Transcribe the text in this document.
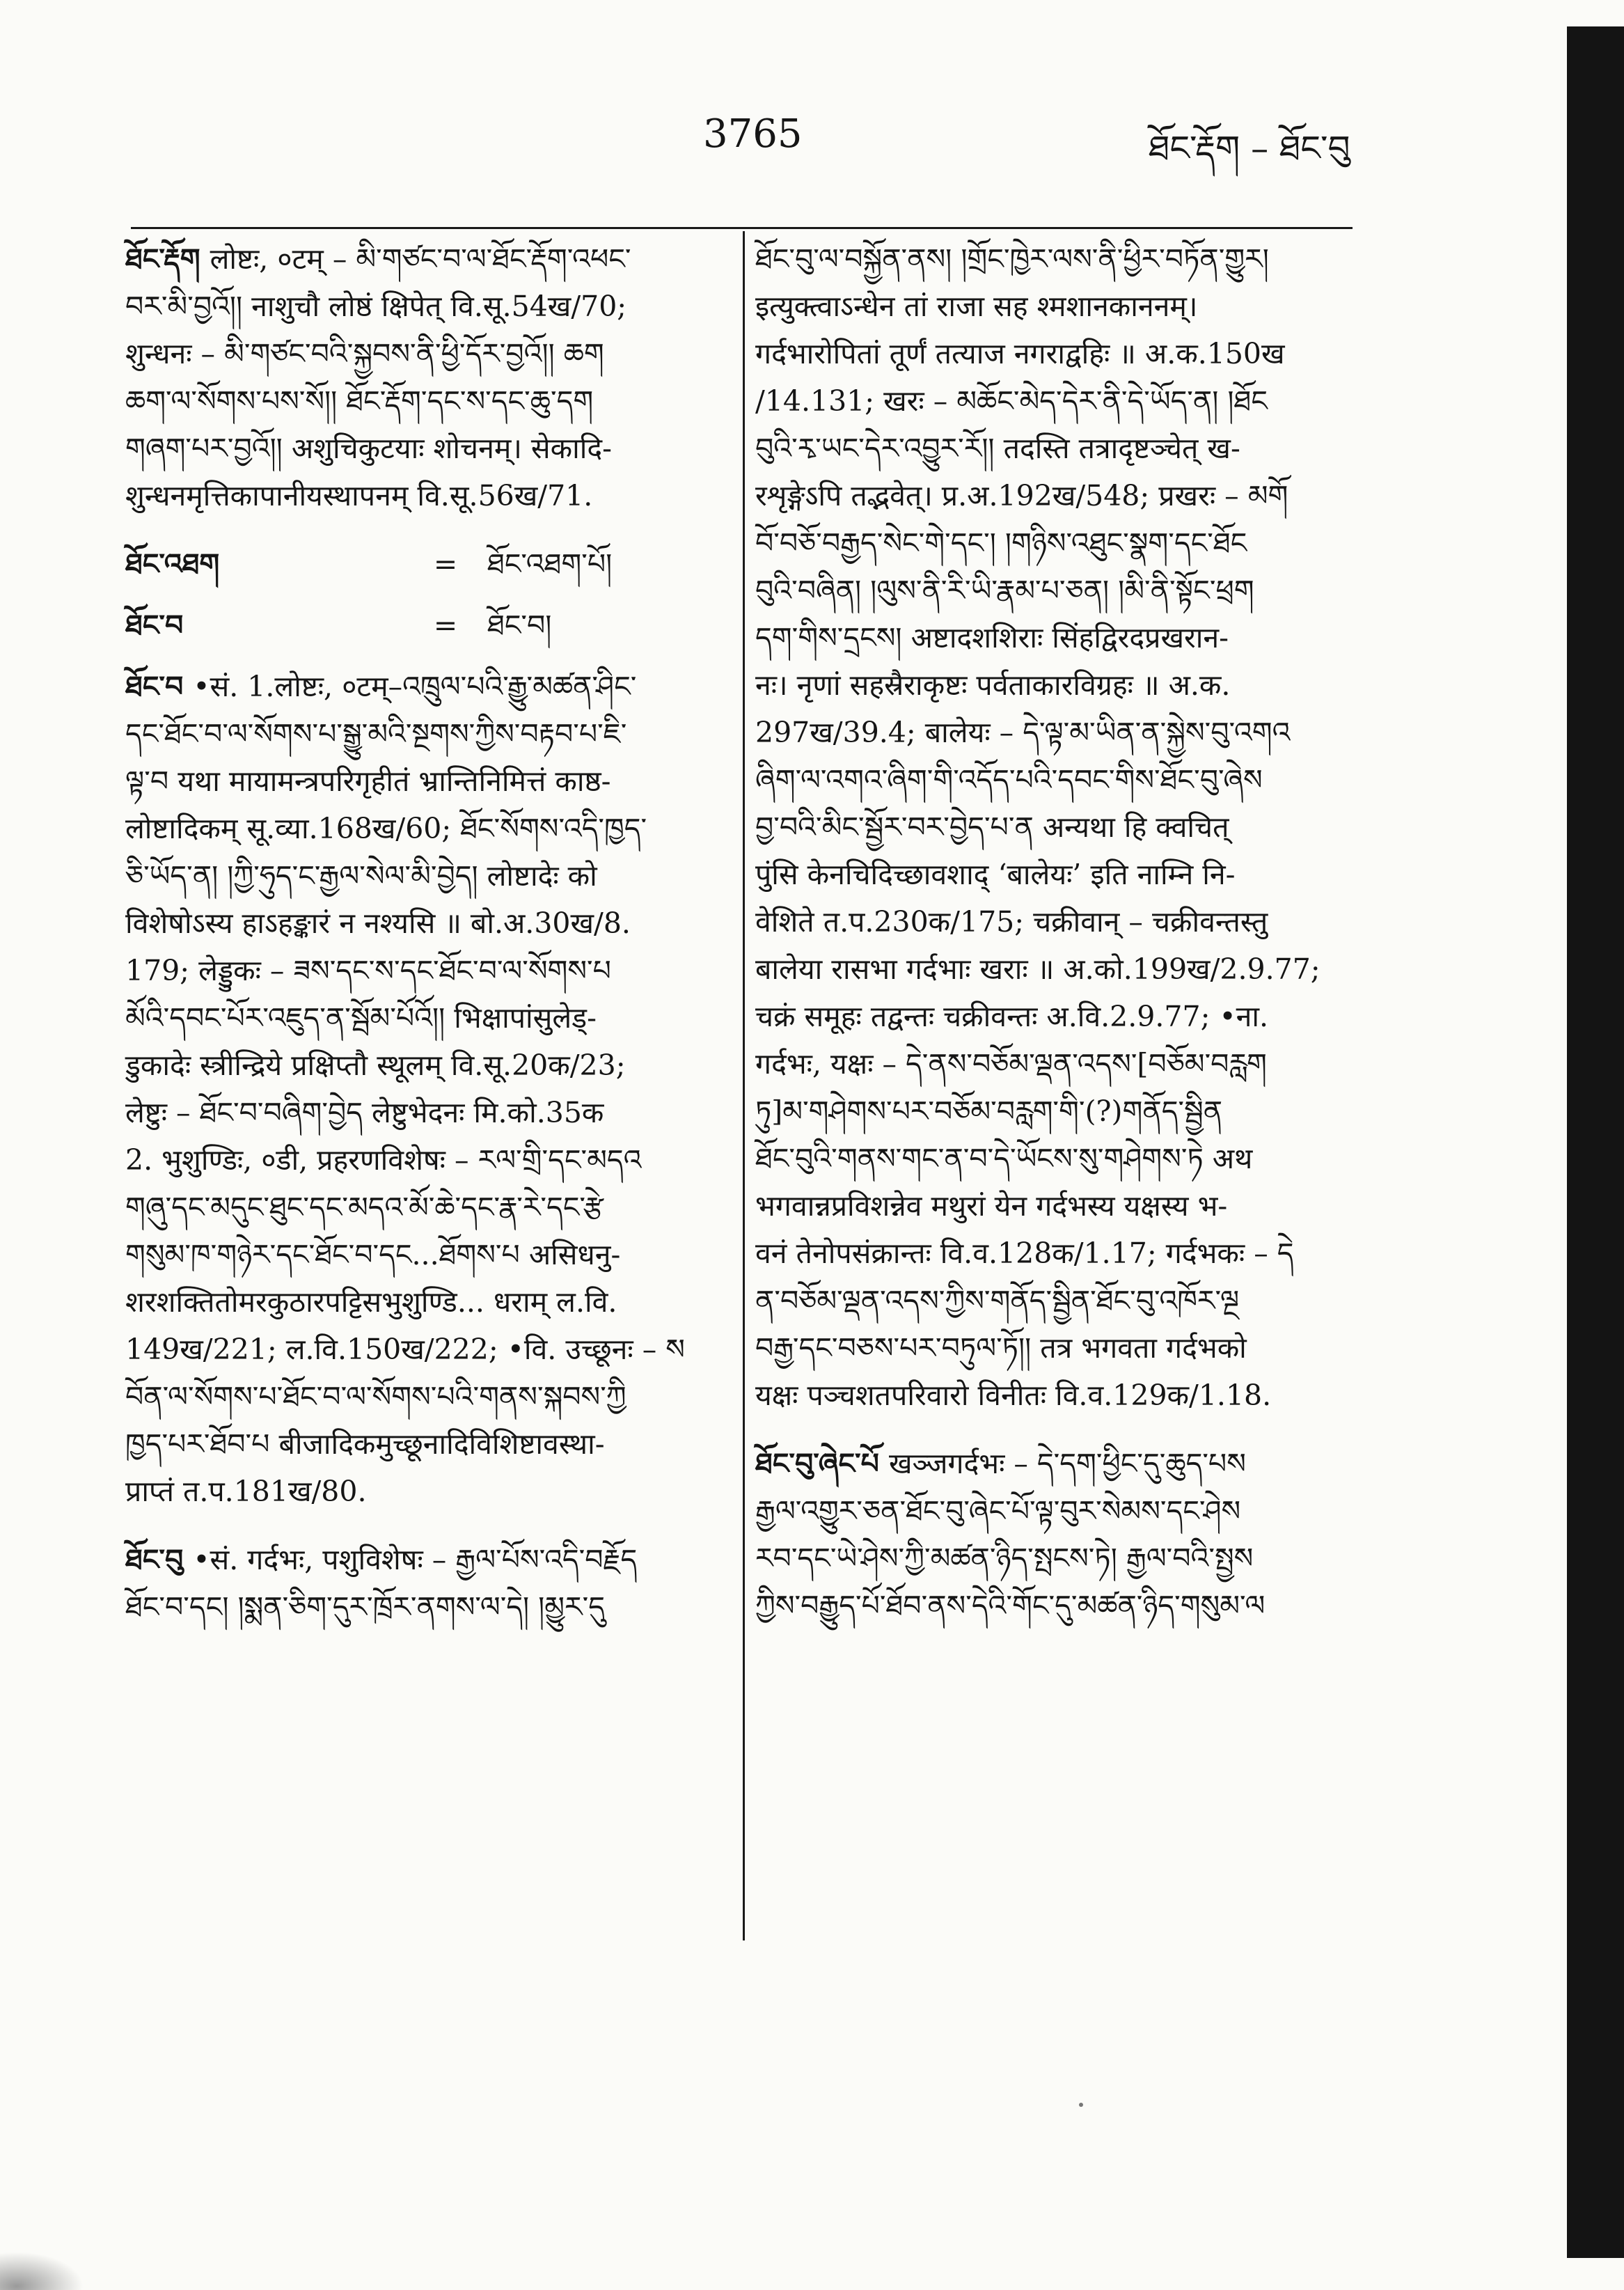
3765	ཐོང་རྡོག – ཐོང་བུ

ཐོང་རྡོག लोष्टः, ०टम् – མི་གཙང་བ་ལ་ཐོང་རྡོག་འཕང་

བར་མི་བྱའོ།། नाशुचौ लोष्ठं क्षिपेत् वि.सू.54ख/70;

शुन्धनः – མི་གཙང་བའི་སྐྱབས་ནི་ཕྱི་དོར་བྱའོ།། ཆག

ཆག་ལ་སོགས་པས་སོ།། ཐོང་རྡོག་དང་ས་དང་ཆུ་དག

གཞག་པར་བྱའོ།། अशुचिकुटयाः शोचनम्। सेकादि-

शुन्धनमृत्तिकापानीयस्थापनम् वि.सू.56ख/71.

ཐོང་འཐག	=	ཐོང་འཐག་པོ།
ཐོང་བ	=	ཐོང་བ།

ཐོང་བ •सं. 1.लोष्टः, ०टम्–འཁྲུལ་པའི་རྒྱུ་མཚན་ཤིང་

དང་ཐོང་བ་ལ་སོགས་པ་སྒྱུ་མའི་སྔགས་ཀྱིས་བརྟབ་པ་ཇི་

ལྟ་བ यथा मायामन्त्रपरिगृहीतं भ्रान्तिनिमित्तं काष्ठ-

लोष्टादिकम् सू.व्या.168ख/60; ཐོང་སོགས་འདི་ཁྱད་

ཅི་ཡོད་ན། །ཀྱི་ཧུད་ང་རྒྱལ་སེལ་མི་བྱེད། लोष्टादेः को

विशेषोऽस्य हाऽहङ्कारं न नश्यसि ॥ बो.अ.30ख/8.

179; लेड्डुकः – ཟས་དང་ས་དང་ཐོང་བ་ལ་སོགས་པ

མོའི་དབང་པོར་འཇུད་ན་སྦོམ་པོའོ།། भिक्षापांसुलेड्-

डुकादेः स्त्रीन्द्रिये प्रक्षिप्तौ स्थूलम् वि.सू.20क/23;

लेष्टुः – ཐོང་བ་བཞིག་བྱེད लेष्टुभेदनः मि.को.35क

2. भुशुण्डिः, ०डी, प्रहरणविशेषः – རལ་གྲི་དང་མདའ

གཞུ་དང་མདུང་ཐུང་དང་མདའ་མོ་ཆེ་དང་རྣ་རེ་དང་རྩེ

གསུམ་ཁ་གཉེར་དང་ཐོང་བ་དང...ཐོགས་པ असिधनु-

शरशक्तितोमरकुठारपट्टिसभुशुण्डि... धराम् ल.वि.

149ख/221; ल.वि.150ख/222; •वि. उच्छूनः – ས

བོན་ལ་སོགས་པ་ཐོང་བ་ལ་སོགས་པའི་གནས་སྐབས་ཀྱི

ཁྱད་པར་ཐོབ་པ बीजादिकमुच्छूनादिविशिष्टावस्था-

प्राप्तं त.प.181ख/80.

ཐོང་བུ •सं. गर्दभः, पशुविशेषः – རྒྱལ་པོས་འདི་བརྗོད

ཐོང་བ་དང། །སྨན་ཅིག་དུར་ཁྲོར་ནགས་ལ་དེ། །མྱུར་དུ

ཐོང་བུ་ལ་བསྐྱོན་ནས། །གྲོང་ཁྱེར་ལས་ནི་ཕྱིར་བཏོན་གྱུར།

इत्युक्त्वाऽन्धेन तां राजा सह श्मशानकाननम्।

गर्दभारोपितां तूर्णं तत्याज नगराद्वहिः ॥ अ.क.150ख

/14.131; खरः – མཆོང་མེད་དེར་ནི་དེ་ཡོད་ན། །ཐོང

བུའི་རྭ་ཡང་དེར་འབྱུར་རོ།། तदस्ति तत्रादृष्टञ्चेत् ख-

रशृङ्गेऽपि तद्भवेत्। प्र.अ.192ख/548; प्रखरः – མགོ

བོ་བཅོ་བརྒྱད་སེང་གེ་དང་། །གཉིས་འཐུང་སྣག་དང་ཐོང

བུའི་བཞིན། །ལུས་ནི་རི་ཡི་རྣམ་པ་ཅན། །མི་ནི་སྟོང་ཕྲག

དག་གིས་དྲངས། अष्टादशशिराः सिंहद्विरदप्रखरान-

नः। नृणां सहस्रैराकृष्टः पर्वताकारविग्रहः ॥ अ.क.

297ख/39.4; बालेयः – དེ་ལྟ་མ་ཡིན་ན་སྐྱེས་བུ་འགའ

ཞིག་ལ་འགའ་ཞིག་གི་འདོད་པའི་དབང་གིས་ཐོང་བུ་ཞེས

བྱ་བའི་མིང་སྦྱོར་བར་བྱེད་པ་ན अन्यथा हि क्वचित्

पुंसि केनचिदिच्छावशाद् ‘बालेयः’ इति नाम्नि नि-

वेशिते त.प.230क/175; चक्रीवान् – चक्रीवन्तस्तु

बालेया रासभा गर्दभाः खराः ॥ अ.को.199ख/2.9.77;

चक्रं समूहः तद्वन्तः चक्रीवन्तः अ.वि.2.9.77; •ना.

गर्दभः, यक्षः – དེ་ནས་བཅོམ་ལྡན་འདས་[བཅོམ་བརླག

ཏུ]མ་གཤེགས་པར་བཅོམ་བརླག་གི་(?)གནོད་སྦྱིན

ཐོང་བུའི་གནས་གང་ན་བ་དེ་ཡོངས་སུ་གཤེགས་ཏེ अथ

भगवान्नप्रविशन्नेव मथुरां येन गर्दभस्य यक्षस्य भ-

वनं तेनोपसंक्रान्तः वि.व.128क/1.17; गर्दभकः – དེ

ན་བཅོམ་ལྡན་འདས་ཀྱིས་གནོད་སྦྱིན་ཐོང་བུ་འཁོར་ལྔ

བརྒྱ་དང་བཅས་པར་བཏུལ་ཏོ།། तत्र भगवता गर्दभको

यक्षः पञ्चशतपरिवारो विनीतः वि.व.129क/1.18.

ཐོང་བུ་ཞེང་པོ खञ्जगर्दभः – དེ་དག་ཕྱིང་དུ་ཆུད་པས

རྒྱལ་འགྱུར་ཅན་ཐོང་བུ་ཞེང་པོ་ལྟ་བུར་སེམས་དང་ཤེས

རབ་དང་ཡེ་ཤེས་ཀྱི་མཚན་ཉིད་སྤངས་ཏེ། རྒྱལ་བའི་སྤྱས

ཀྱིས་བརྒྱུད་པོ་ཐོབ་ནས་དེའི་གོང་དུ་མཚན་ཉིད་གསུམ་ལ
